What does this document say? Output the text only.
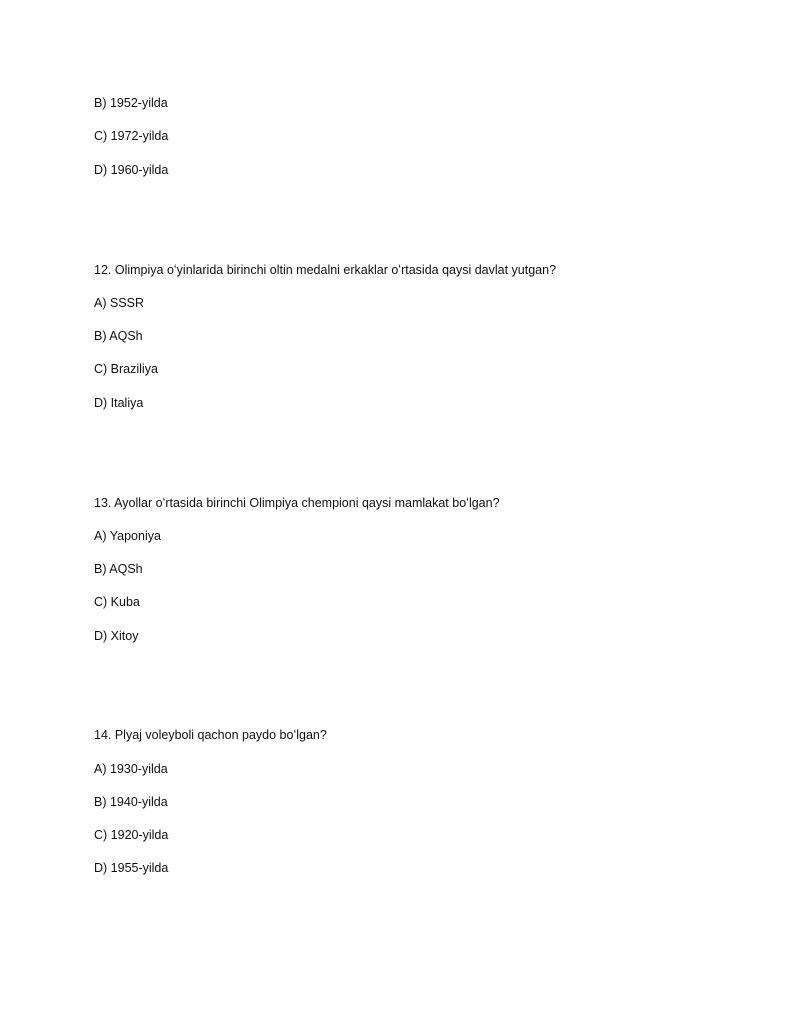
B) 1952-yilda
C) 1972-yilda
D) 1960-yilda
12. Olimpiya oʻyinlarida birinchi oltin medalni erkaklar oʻrtasida qaysi davlat yutgan?
A) SSSR
B) AQSh
C) Braziliya
D) Italiya
13. Ayollar oʻrtasida birinchi Olimpiya chempioni qaysi mamlakat boʻlgan?
A) Yaponiya
B) AQSh
C) Kuba
D) Xitoy
14. Plyaj voleyboli qachon paydo boʻlgan?
A) 1930-yilda
B) 1940-yilda
C) 1920-yilda
D) 1955-yilda
